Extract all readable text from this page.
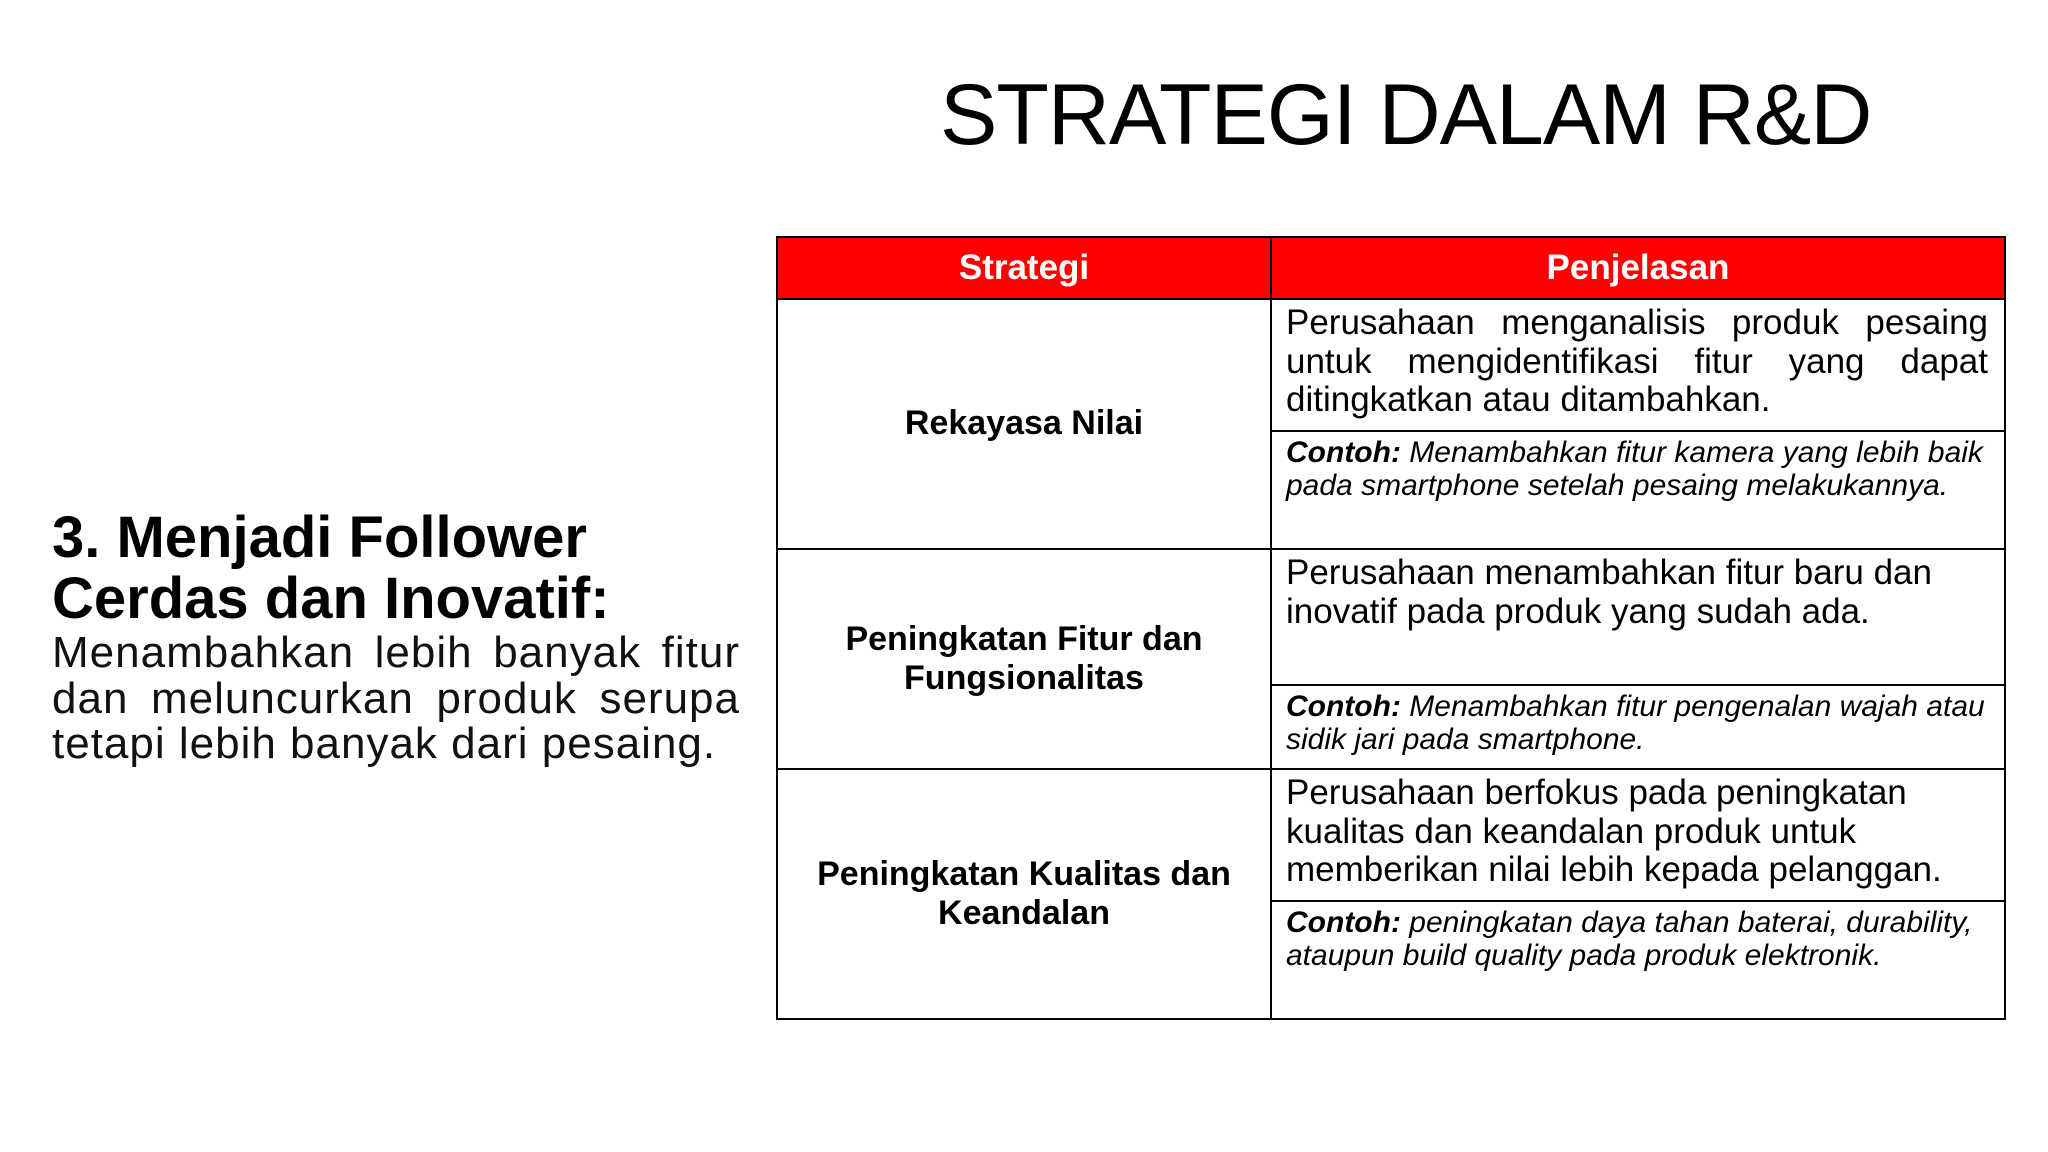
STRATEGI DALAM R&D

3. Menjadi Follower Cerdas dan Inovatif:

Menambahkan lebih banyak fitur dan meluncurkan produk serupa tetapi lebih banyak dari pesaing.

Strategi	Penjelasan
Rekayasa Nilai	Perusahaan menganalisis produk pesaing untuk mengidentifikasi fitur yang dapat ditingkatkan atau ditambahkan.
	Contoh: Menambahkan fitur kamera yang lebih baik pada smartphone setelah pesaing melakukannya.
Peningkatan Fitur dan Fungsionalitas	Perusahaan menambahkan fitur baru dan inovatif pada produk yang sudah ada.
	Contoh: Menambahkan fitur pengenalan wajah atau sidik jari pada smartphone.
Peningkatan Kualitas dan Keandalan	Perusahaan berfokus pada peningkatan kualitas dan keandalan produk untuk memberikan nilai lebih kepada pelanggan.
	Contoh: peningkatan daya tahan baterai, durability, ataupun build quality pada produk elektronik.
